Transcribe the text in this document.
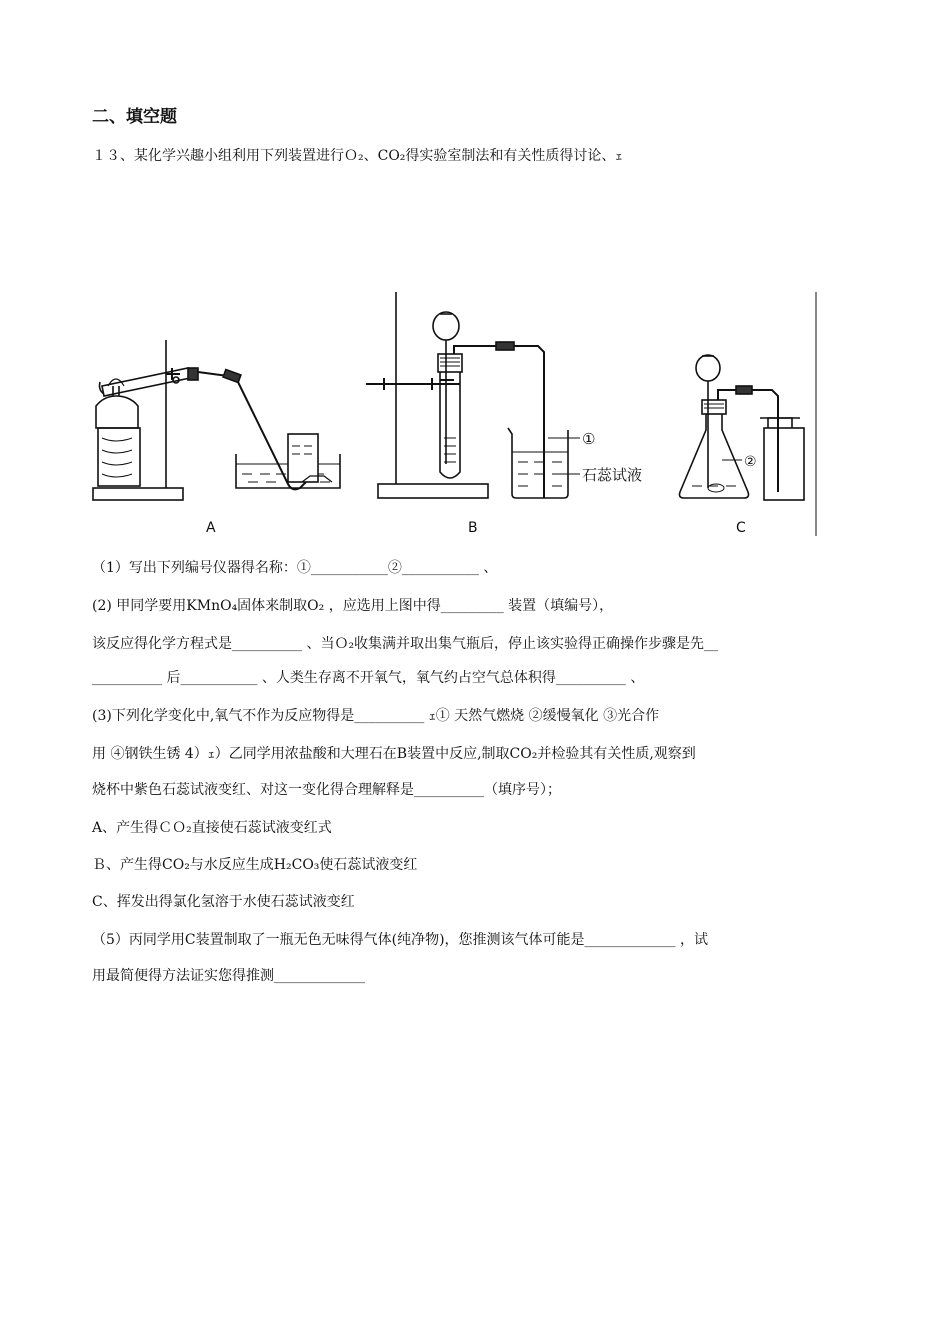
二、填空题
１３、某化学兴趣小组利用下列装置进行Ｏ₂、CO₂得实验室制法和有关性质得讨论、ｪ
A	B	C
①
石蕊试液
②
（1）写出下列编号仪器得名称：①___________②___________ 、
(2) 甲同学要用KMnO₄固体来制取O₂ ，应选用上图中得_________ 装置（填编号），
该反应得化学方程式是__________ 、当Ｏ₂收集满并取出集气瓶后，停止该实验得正确操作步骤是先__
__________ 后___________ 、人类生存离不开氧气，氧气约占空气总体积得__________ 、
(3)下列化学变化中,氧气不作为反应物得是__________ ｪ① 天然气燃烧 ②缓慢氧化 ③光合作
用 ④钢铁生锈 4）ｪ）乙同学用浓盐酸和大理石在B装置中反应,制取CO₂并检验其有关性质,观察到
烧杯中紫色石蕊试液变红、对这一变化得合理解释是__________（填序号）；
A、产生得ＣＯ₂直接使石蕊试液变红式
Ｂ、产生得CO₂与水反应生成H₂CO₃使石蕊试液变红
C、挥发出得氯化氢溶于水使石蕊试液变红
（5）丙同学用C装置制取了一瓶无色无味得气体(纯净物)，您推测该气体可能是_____________ ，试
用最简便得方法证实您得推测_____________
